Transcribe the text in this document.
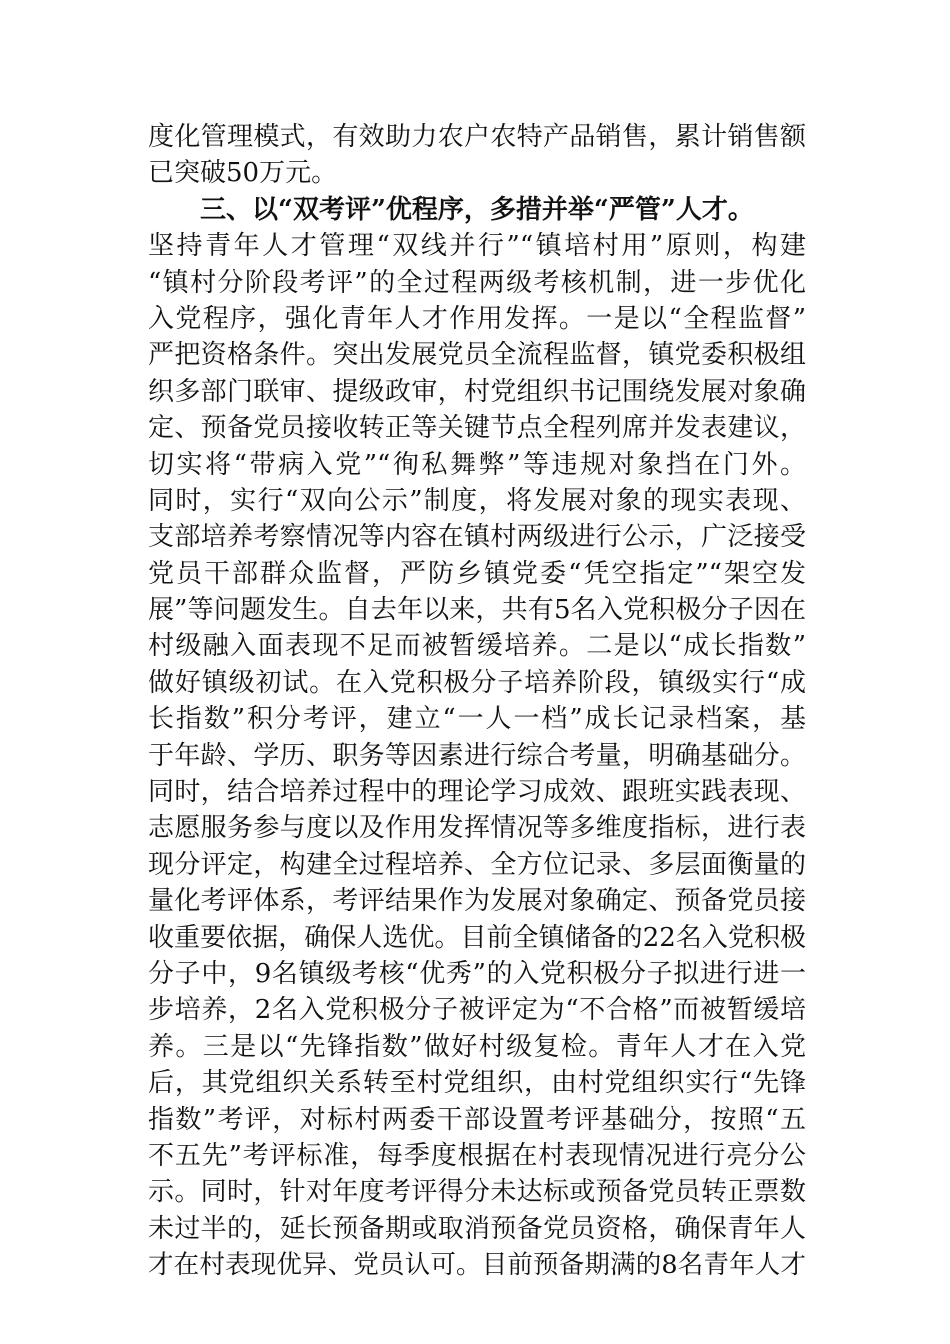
度化管理模式，有效助力农户农特产品销售，累计销售额
已突破50万元。
三、以“双考评”优程序，多措并举“严管”人才。
坚持青年人才管理“双线并行”“镇培村用”原则，构建
“镇村分阶段考评”的全过程两级考核机制，进一步优化
入党程序，强化青年人才作用发挥。一是以“全程监督”
严把资格条件。突出发展党员全流程监督，镇党委积极组
织多部门联审、提级政审，村党组织书记围绕发展对象确
定、预备党员接收转正等关键节点全程列席并发表建议，
切实将“带病入党”“徇私舞弊”等违规对象挡在门外。
同时，实行“双向公示”制度，将发展对象的现实表现、
支部培养考察情况等内容在镇村两级进行公示，广泛接受
党员干部群众监督，严防乡镇党委“凭空指定”“架空发
展”等问题发生。自去年以来，共有5名入党积极分子因在
村级融入面表现不足而被暂缓培养。二是以“成长指数”
做好镇级初试。在入党积极分子培养阶段，镇级实行“成
长指数”积分考评，建立“一人一档”成长记录档案，基
于年龄、学历、职务等因素进行综合考量，明确基础分。
同时，结合培养过程中的理论学习成效、跟班实践表现、
志愿服务参与度以及作用发挥情况等多维度指标，进行表
现分评定，构建全过程培养、全方位记录、多层面衡量的
量化考评体系，考评结果作为发展对象确定、预备党员接
收重要依据，确保人选优。目前全镇储备的22名入党积极
分子中，9名镇级考核“优秀”的入党积极分子拟进行进一
步培养，2名入党积极分子被评定为“不合格”而被暂缓培
养。三是以“先锋指数”做好村级复检。青年人才在入党
后，其党组织关系转至村党组织，由村党组织实行“先锋
指数”考评，对标村两委干部设置考评基础分，按照“五
不五先”考评标准，每季度根据在村表现情况进行亮分公
示。同时，针对年度考评得分未达标或预备党员转正票数
未过半的，延长预备期或取消预备党员资格，确保青年人
才在村表现优异、党员认可。目前预备期满的8名青年人才
